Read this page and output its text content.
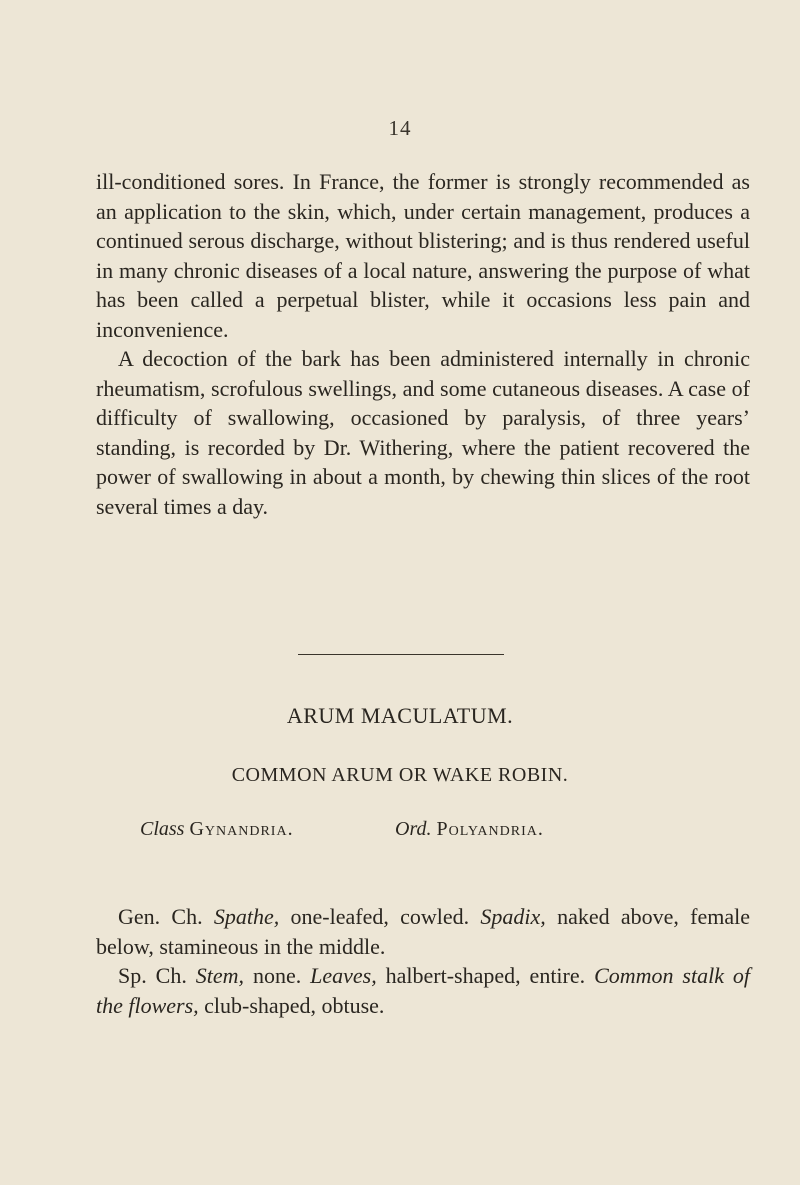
14

ill-conditioned sores. In France, the former is strongly recommended as an application to the skin, which, under certain management, produces a continued serous discharge, without blistering; and is thus rendered useful in many chronic diseases of a local nature, answering the purpose of what has been called a perpetual blister, while it occasions less pain and inconvenience.

A decoction of the bark has been administered internally in chronic rheumatism, scrofulous swellings, and some cutaneous diseases. A case of difficulty of swallowing, occasioned by paralysis, of three years’ standing, is recorded by Dr. Withering, where the patient recovered the power of swallowing in about a month, by chewing thin slices of the root several times a day.

ARUM MACULATUM.
COMMON ARUM OR WAKE ROBIN.
Class Gynandria.	Ord. Polyandria.

Gen. Ch. Spathe, one-leafed, cowled. Spadix, naked above, female below, stamineous in the middle.

Sp. Ch. Stem, none. Leaves, halbert-shaped, entire. Common stalk of the flowers, club-shaped, obtuse.
